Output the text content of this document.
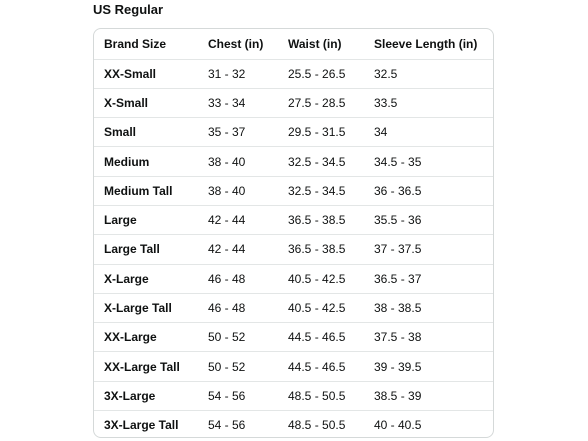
US Regular
Brand Size	Chest (in)	Waist (in)	Sleeve Length (in)
XX-Small	31 - 32	25.5 - 26.5	32.5
X-Small	33 - 34	27.5 - 28.5	33.5
Small	35 - 37	29.5 - 31.5	34
Medium	38 - 40	32.5 - 34.5	34.5 - 35
Medium Tall	38 - 40	32.5 - 34.5	36 - 36.5
Large	42 - 44	36.5 - 38.5	35.5 - 36
Large Tall	42 - 44	36.5 - 38.5	37 - 37.5
X-Large	46 - 48	40.5 - 42.5	36.5 - 37
X-Large Tall	46 - 48	40.5 - 42.5	38 - 38.5
XX-Large	50 - 52	44.5 - 46.5	37.5 - 38
XX-Large Tall	50 - 52	44.5 - 46.5	39 - 39.5
3X-Large	54 - 56	48.5 - 50.5	38.5 - 39
3X-Large Tall	54 - 56	48.5 - 50.5	40 - 40.5
